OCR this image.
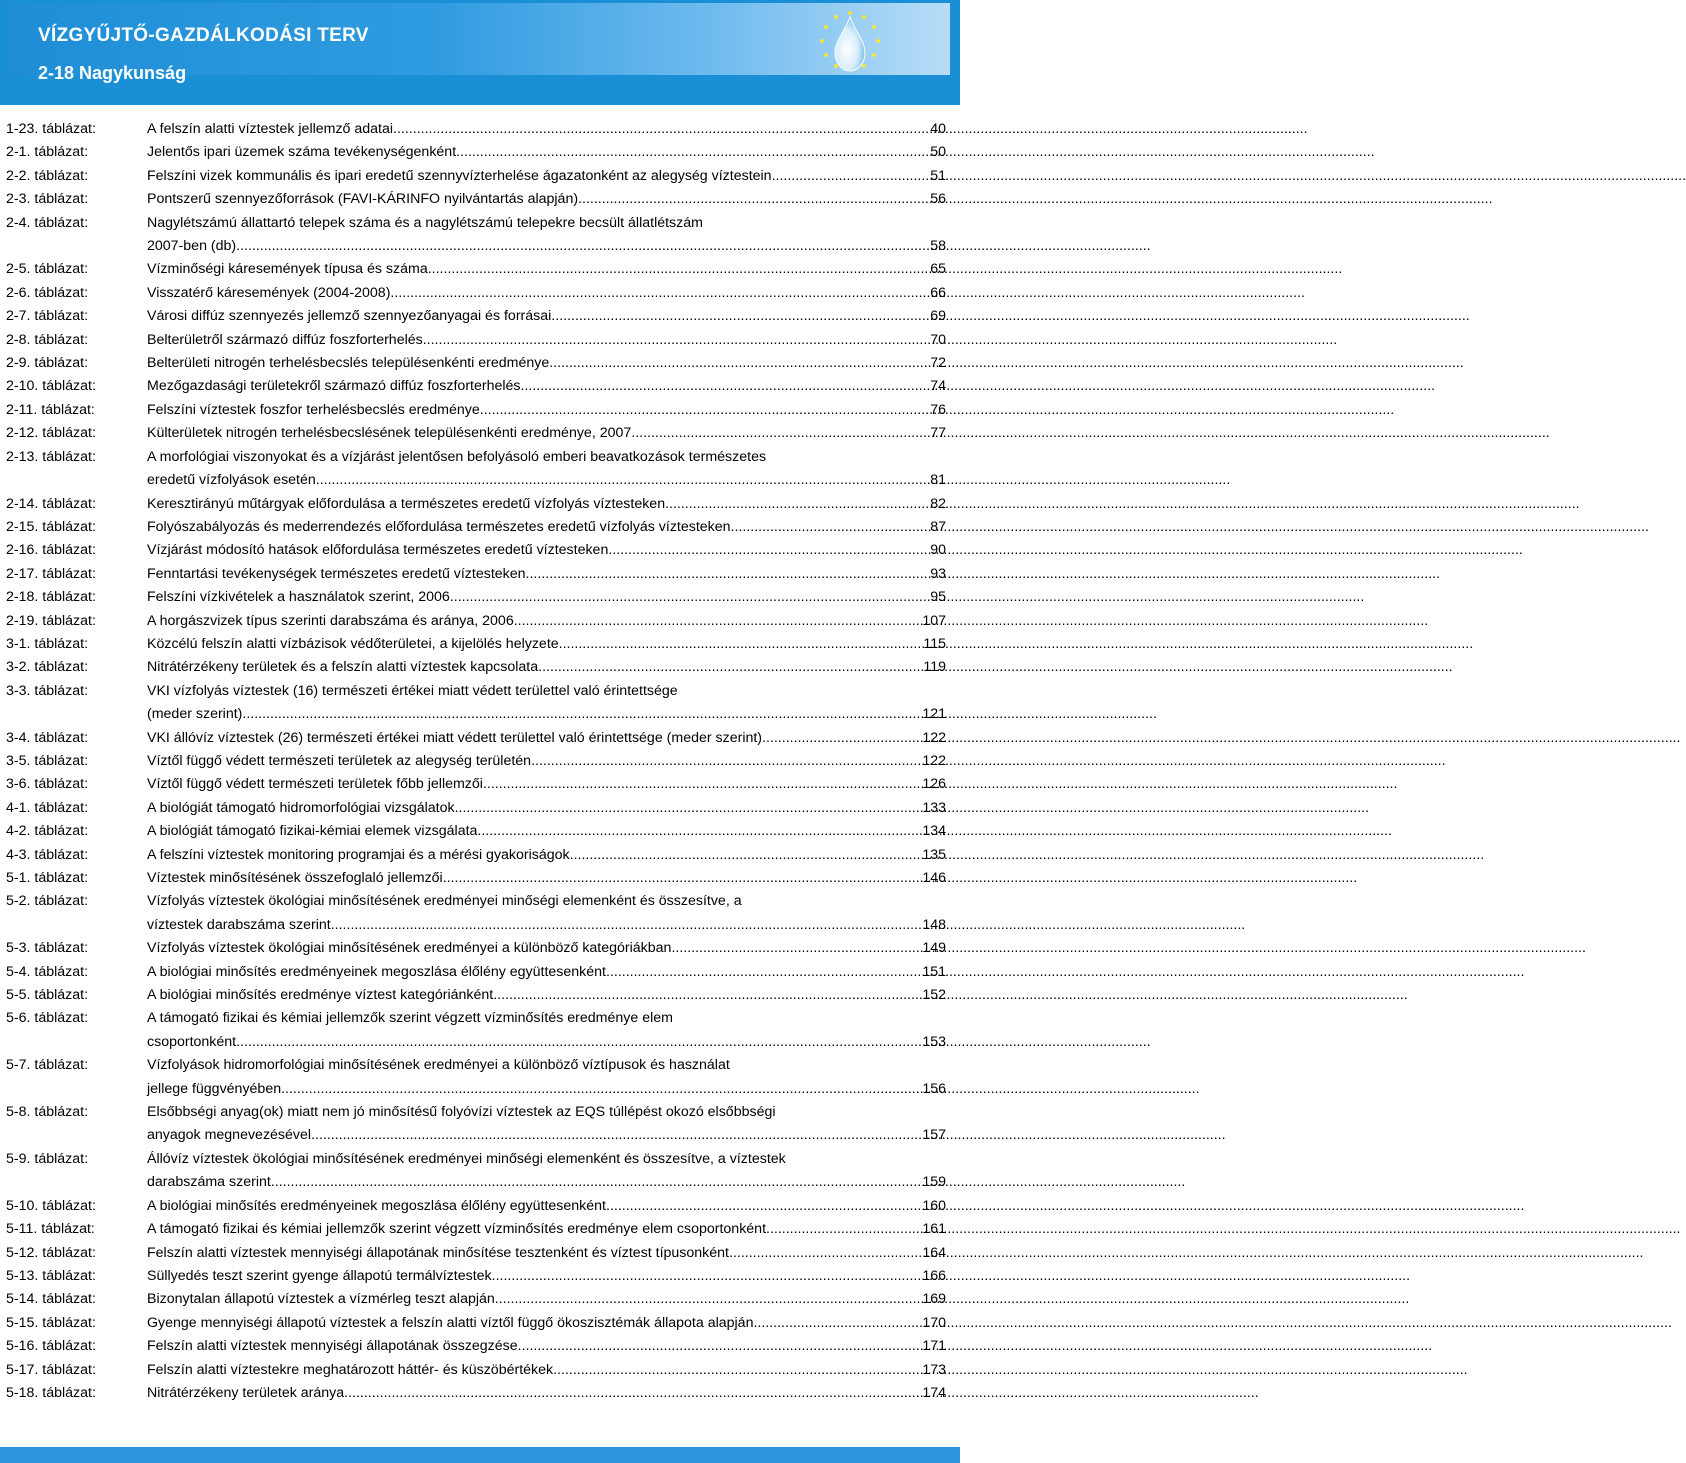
VÍZGYŰJTŐ-GAZDÁLKODÁSI TERV
2-18 Nagykunság
1-23. táblázat:	A felszín alatti víztestek jellemző adatai .....	40
2-1. táblázat:	Jelentős ipari üzemek száma tevékenységenként. .....	50
2-2. táblázat:	Felszíni vizek kommunális és ipari eredetű szennyvízterhelése ágazatonként az alegység víztestein .....	51
2-3. táblázat:	Pontszerű szennyezőforrások (FAVI-KÁRINFO nyilvántartás alapján) .....	56
2-4. táblázat:	Nagylétszámú állattartó telepek száma és a nagylétszámú telepekre becsült állatlétszám
2007-ben (db) .....	58
2-5. táblázat:	Vízminőségi káresemények típusa és száma .....	65
2-6. táblázat:	Visszatérő káresemények (2004-2008) .....	66
2-7. táblázat:	Városi diffúz szennyezés jellemző szennyezőanyagai és forrásai. .....	69
2-8. táblázat:	Belterületről származó diffúz foszforterhelés .....	70
2-9. táblázat:	Belterületi nitrogén terhelésbecslés településenkénti eredménye .....	72
2-10. táblázat:	Mezőgazdasági területekről származó diffúz foszforterhelés .....	74
2-11. táblázat:	Felszíni víztestek foszfor terhelésbecslés eredménye .....	76
2-12. táblázat:	Külterületek nitrogén terhelésbecslésének településenkénti eredménye, 2007. .....	77
2-13. táblázat:	A morfológiai viszonyokat és a vízjárást jelentősen befolyásoló emberi beavatkozások természetes
eredetű vízfolyások esetén .....	81
2-14. táblázat:	Keresztirányú műtárgyak előfordulása a természetes eredetű vízfolyás víztesteken .....	82
2-15. táblázat:	Folyószabályozás és mederrendezés előfordulása természetes eredetű vízfolyás víztesteken. .....	87
2-16. táblázat:	Vízjárást módosító hatások előfordulása természetes eredetű víztesteken .....	90
2-17. táblázat:	Fenntartási tevékenységek természetes eredetű víztesteken .....	93
2-18. táblázat:	Felszíni vízkivételek a használatok szerint, 2006 .....	95
2-19. táblázat:	A horgászvizek típus szerinti darabszáma és aránya, 2006 .....	107
3-1. táblázat:	Közcélú felszín alatti vízbázisok védőterületei, a kijelölés helyzete .....	115
3-2. táblázat:	Nitrátérzékeny területek és a felszín alatti víztestek kapcsolata .....	119
3-3. táblázat:	VKI vízfolyás víztestek (16) természeti értékei miatt védett területtel való érintettsége
(meder szerint) .....	121
3-4. táblázat:	VKI állóvíz víztestek (26) természeti értékei miatt védett területtel való érintettsége (meder szerint). .....	122
3-5. táblázat:	Víztől függő védett természeti területek az alegység területén .....	122
3-6. táblázat:	Víztől függő védett természeti területek főbb jellemzői .....	126
4-1. táblázat:	A biológiát támogató hidromorfológiai vizsgálatok .....	133
4-2. táblázat:	A biológiát támogató fizikai-kémiai elemek vizsgálata .....	134
4-3. táblázat:	A felszíni víztestek monitoring programjai és a mérési gyakoriságok .....	135
5-1. táblázat:	Víztestek minősítésének összefoglaló jellemzői .....	146
5-2. táblázat:	Vízfolyás víztestek ökológiai minősítésének eredményei minőségi elemenként és összesítve, a
víztestek darabszáma szerint .....	148
5-3. táblázat:	Vízfolyás víztestek ökológiai minősítésének eredményei a különböző kategóriákban .....	149
5-4. táblázat:	A biológiai minősítés eredményeinek megoszlása élőlény együttesenként. .....	151
5-5. táblázat:	A biológiai minősítés eredménye víztest kategóriánként .....	152
5-6. táblázat:	A támogató fizikai és kémiai jellemzők szerint végzett vízminősítés eredménye elem
csoportonként .....	153
5-7. táblázat:	Vízfolyások hidromorfológiai minősítésének eredményei a különböző víztípusok és használat
jellege függvényében. .....	156
5-8. táblázat:	Elsőbbségi anyag(ok) miatt nem jó minősítésű folyóvízi víztestek az EQS túllépést okozó elsőbbségi
anyagok megnevezésével .....	157
5-9. táblázat:	Állóvíz víztestek ökológiai minősítésének eredményei minőségi elemenként és összesítve, a víztestek
darabszáma szerint .....	159
5-10. táblázat:	A biológiai minősítés eredményeinek megoszlása élőlény együttesenként. .....	160
5-11. táblázat:	A támogató fizikai és kémiai jellemzők szerint végzett vízminősítés eredménye elem csoportonként .....	161
5-12. táblázat:	Felszín alatti víztestek mennyiségi állapotának minősítése tesztenként és víztest típusonként .....	164
5-13. táblázat:	Süllyedés teszt szerint gyenge állapotú termálvíztestek. .....	166
5-14. táblázat:	Bizonytalan állapotú víztestek a vízmérleg teszt alapján .....	169
5-15. táblázat:	Gyenge mennyiségi állapotú víztestek a felszín alatti víztől függő ökoszisztémák állapota alapján. .....	170
5-16. táblázat:	Felszín alatti víztestek mennyiségi állapotának összegzése .....	171
5-17. táblázat:	Felszín alatti víztestekre meghatározott háttér- és küszöbértékek .....	173
5-18. táblázat:	Nitrátérzékeny területek aránya .....	174
